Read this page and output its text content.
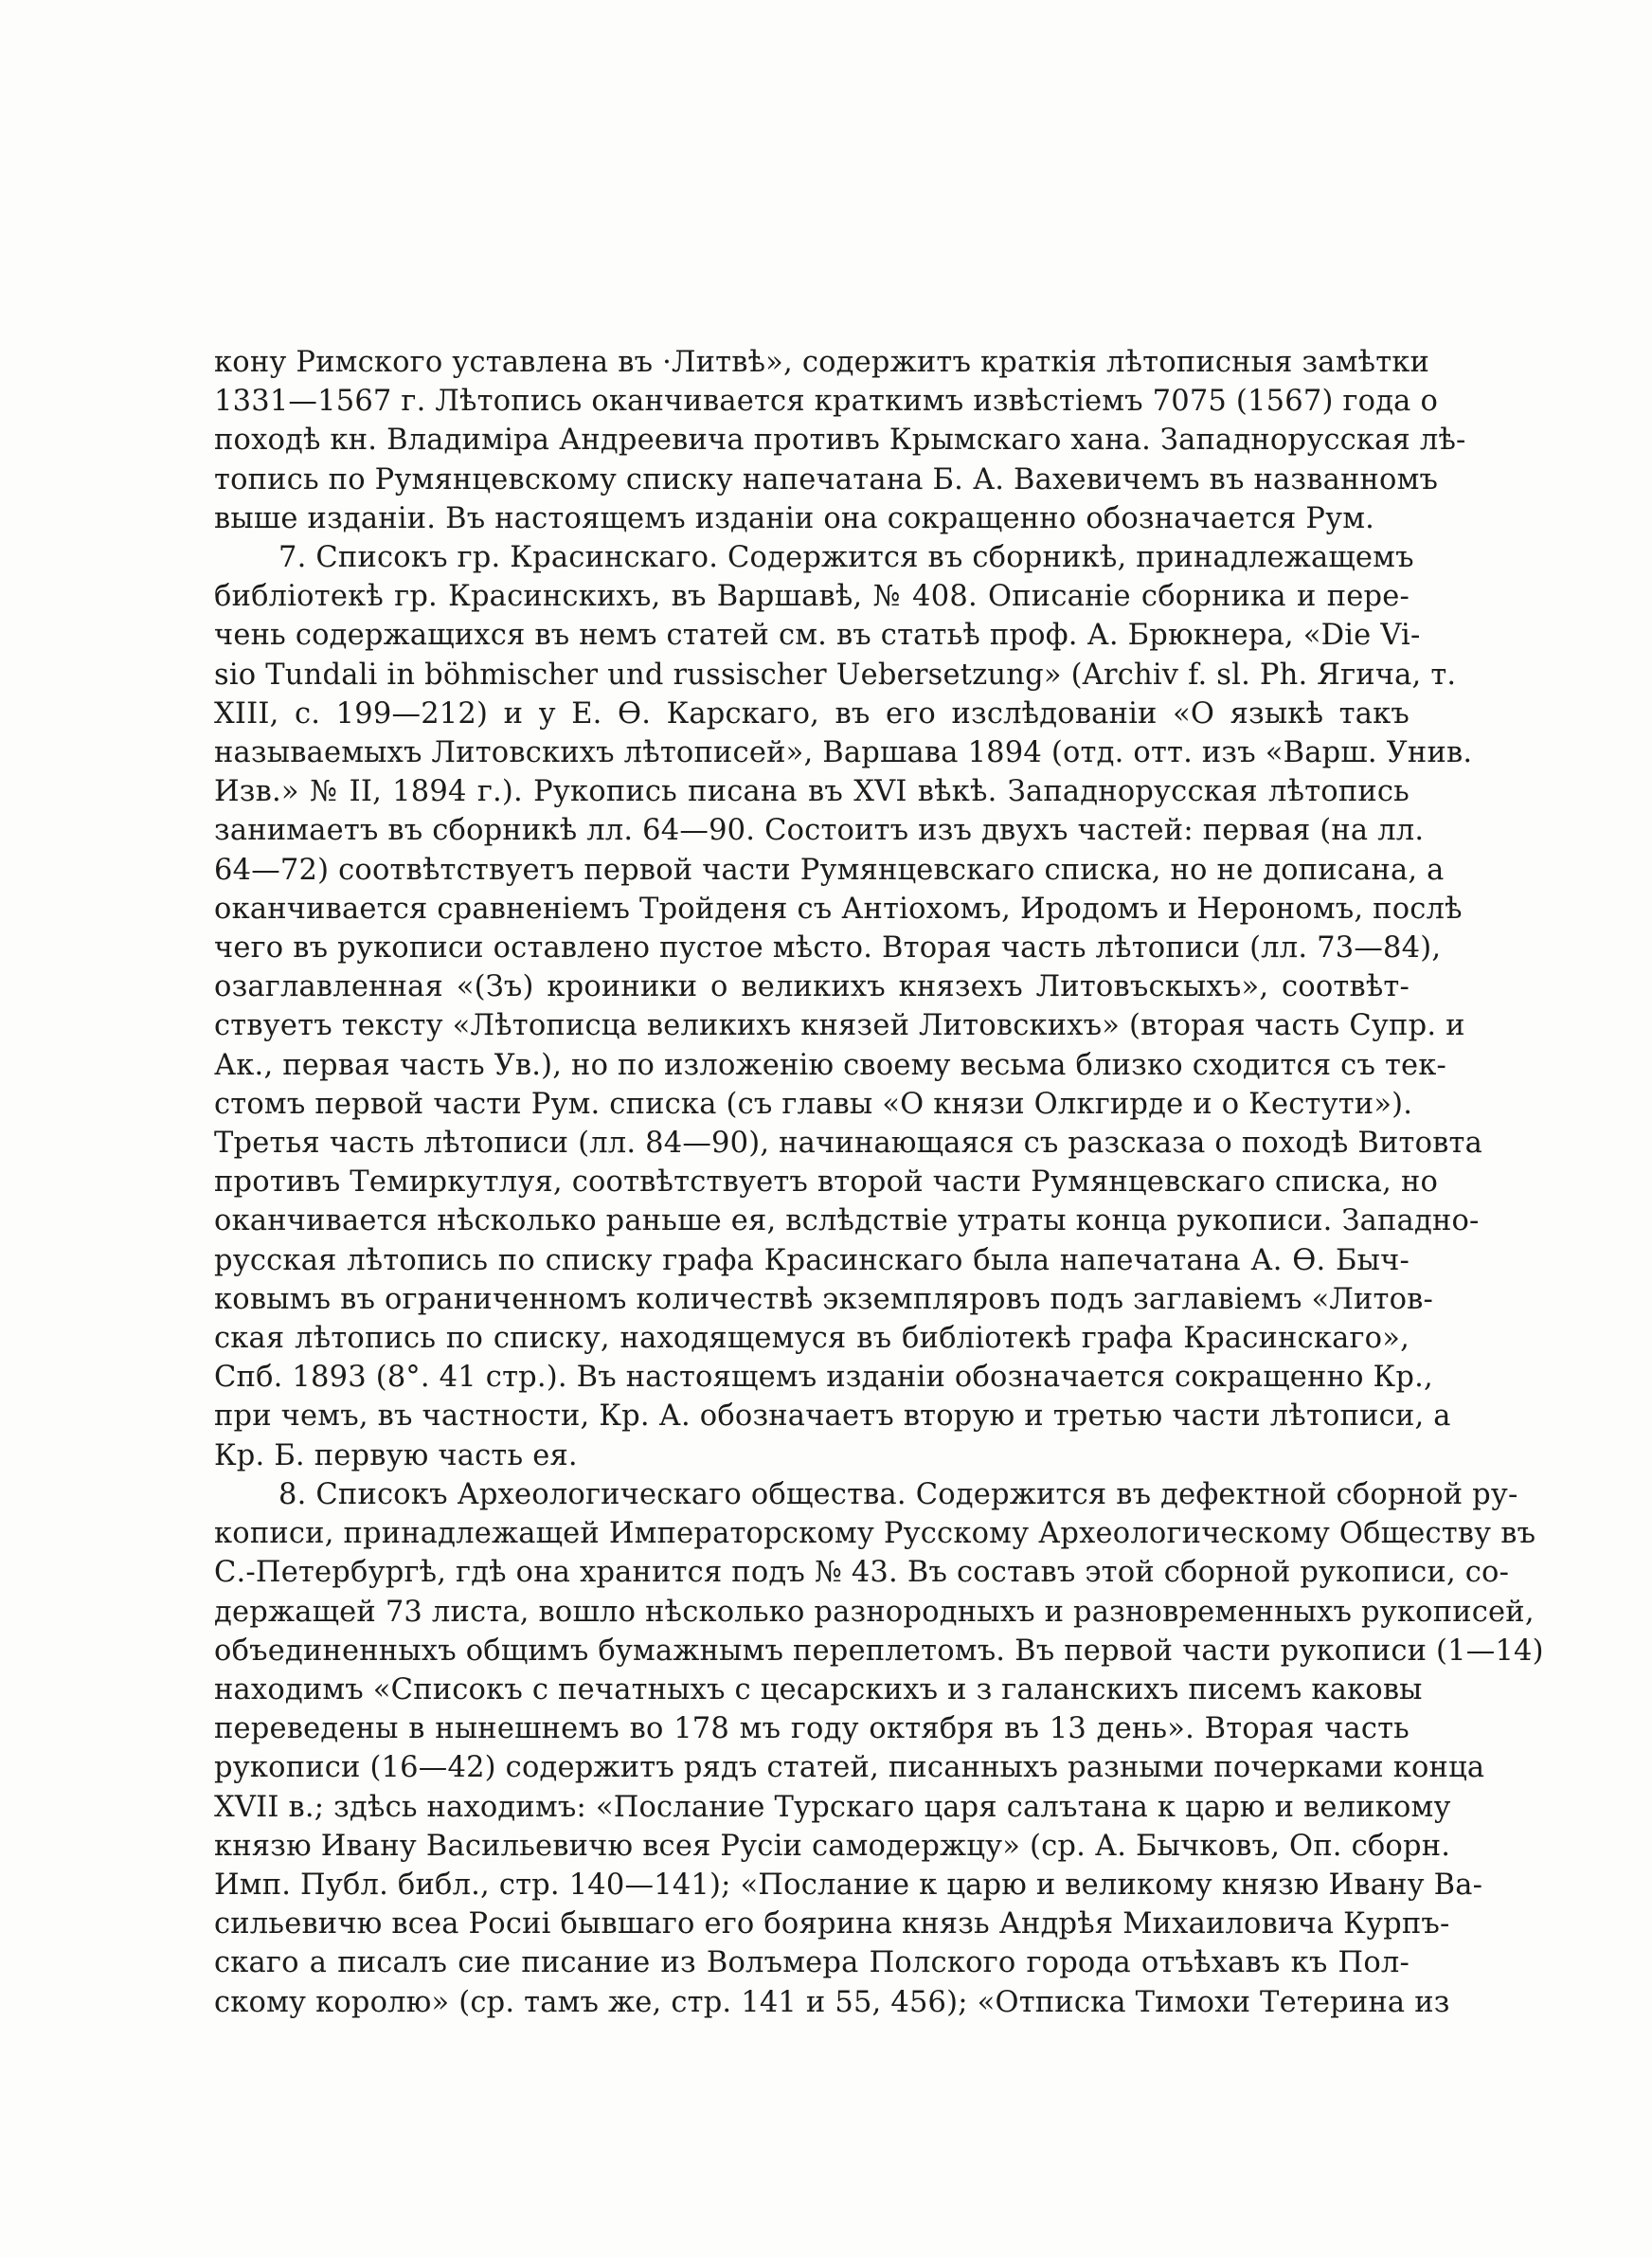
кону Римского уставлена въ ·Литвѣ», содержитъ краткія лѣтописныя замѣтки
1331—1567 г. Лѣтопись оканчивается краткимъ извѣстіемъ 7075 (1567) года о
походѣ кн. Владиміра Андреевича противъ Крымскаго хана. Западнорусская лѣ-
топись по Румянцевскому списку напечатана Б. А. Вахевичемъ въ названномъ
выше изданіи. Въ настоящемъ изданіи она сокращенно обозначается Рум.
7. Списокъ гр. Красинскаго. Содержится въ сборникѣ, принадлежащемъ
библіотекѣ гр. Красинскихъ, въ Варшавѣ, № 408. Описаніе сборника и пере-
чень содержащихся въ немъ статей см. въ статьѣ проф. А. Брюкнера, «Die Vi-
sio Tundali in böhmischer und russischer Uebersetzung» (Archiv f. sl. Ph. Ягича, т.
XIII, с. 199—212) и у Е. Ѳ. Карскаго, въ его изслѣдованіи «О языкѣ такъ
называемыхъ Литовскихъ лѣтописей», Варшава 1894 (отд. отт. изъ «Варш. Унив.
Изв.» № II, 1894 г.). Рукопись писана въ XVI вѣкѣ. Западнорусская лѣтопись
занимаетъ въ сборникѣ лл. 64—90. Состоитъ изъ двухъ частей: первая (на лл.
64—72) соотвѣтствуетъ первой части Румянцевскаго списка, но не дописана, а
оканчивается сравненіемъ Тройденя съ Антіохомъ, Иродомъ и Нерономъ, послѣ
чего въ рукописи оставлено пустое мѣсто. Вторая часть лѣтописи (лл. 73—84),
озаглавленная «(Зъ) кроиники о великихъ князехъ Литовъскыхъ», соотвѣт-
ствуетъ тексту «Лѣтописца великихъ князей Литовскихъ» (вторая часть Супр. и
Ак., первая часть Ув.), но по изложенію своему весьма близко сходится съ тек-
стомъ первой части Рум. списка (съ главы «О князи Олкгирде и о Кестути»).
Третья часть лѣтописи (лл. 84—90), начинающаяся съ разсказа о походѣ Витовта
противъ Темиркутлуя, соотвѣтствуетъ второй части Румянцевскаго списка, но
оканчивается нѣсколько раньше ея, вслѣдствіе утраты конца рукописи. Западно-
русская лѣтопись по списку графа Красинскаго была напечатана А. Ѳ. Быч-
ковымъ въ ограниченномъ количествѣ экземпляровъ подъ заглавіемъ «Литов-
ская лѣтопись по списку, находящемуся въ библіотекѣ графа Красинскаго»,
Спб. 1893 (8°. 41 стр.). Въ настоящемъ изданіи обозначается сокращенно Кр.,
при чемъ, въ частности, Кр. А. обозначаетъ вторую и третью части лѣтописи, а
Кр. Б. первую часть ея.
8. Списокъ Археологическаго общества. Содержится въ дефектной сборной ру-
кописи, принадлежащей Императорскому Русскому Археологическому Обществу въ
С.-Петербургѣ, гдѣ она хранится подъ № 43. Въ составъ этой сборной рукописи, со-
держащей 73 листа, вошло нѣсколько разнородныхъ и разновременныхъ рукописей,
объединенныхъ общимъ бумажнымъ переплетомъ. Въ первой части рукописи (1—14)
находимъ «Списокъ с печатныхъ с цесарскихъ и з галанскихъ писемъ каковы
переведены в нынешнемъ во 178 мъ году октября въ 13 день». Вторая часть
рукописи (16—42) содержитъ рядъ статей, писанныхъ разными почерками конца
XVII в.; здѣсь находимъ: «Послание Турскаго царя салътана к царю и великому
князю Ивану Васильевичю всея Русіи самодержцу» (ср. А. Бычковъ, Оп. сборн.
Имп. Публ. библ., стр. 140—141); «Послание к царю и великому князю Ивану Ва-
сильевичю всеа Росиі бывшаго его боярина князь Андрѣя Михаиловича Курпъ-
скаго а писалъ сие писание из Волъмера Полского города отъѣхавъ къ Пол-
скому королю» (ср. тамъ же, стр. 141 и 55, 456); «Отписка Тимохи Тетерина из
